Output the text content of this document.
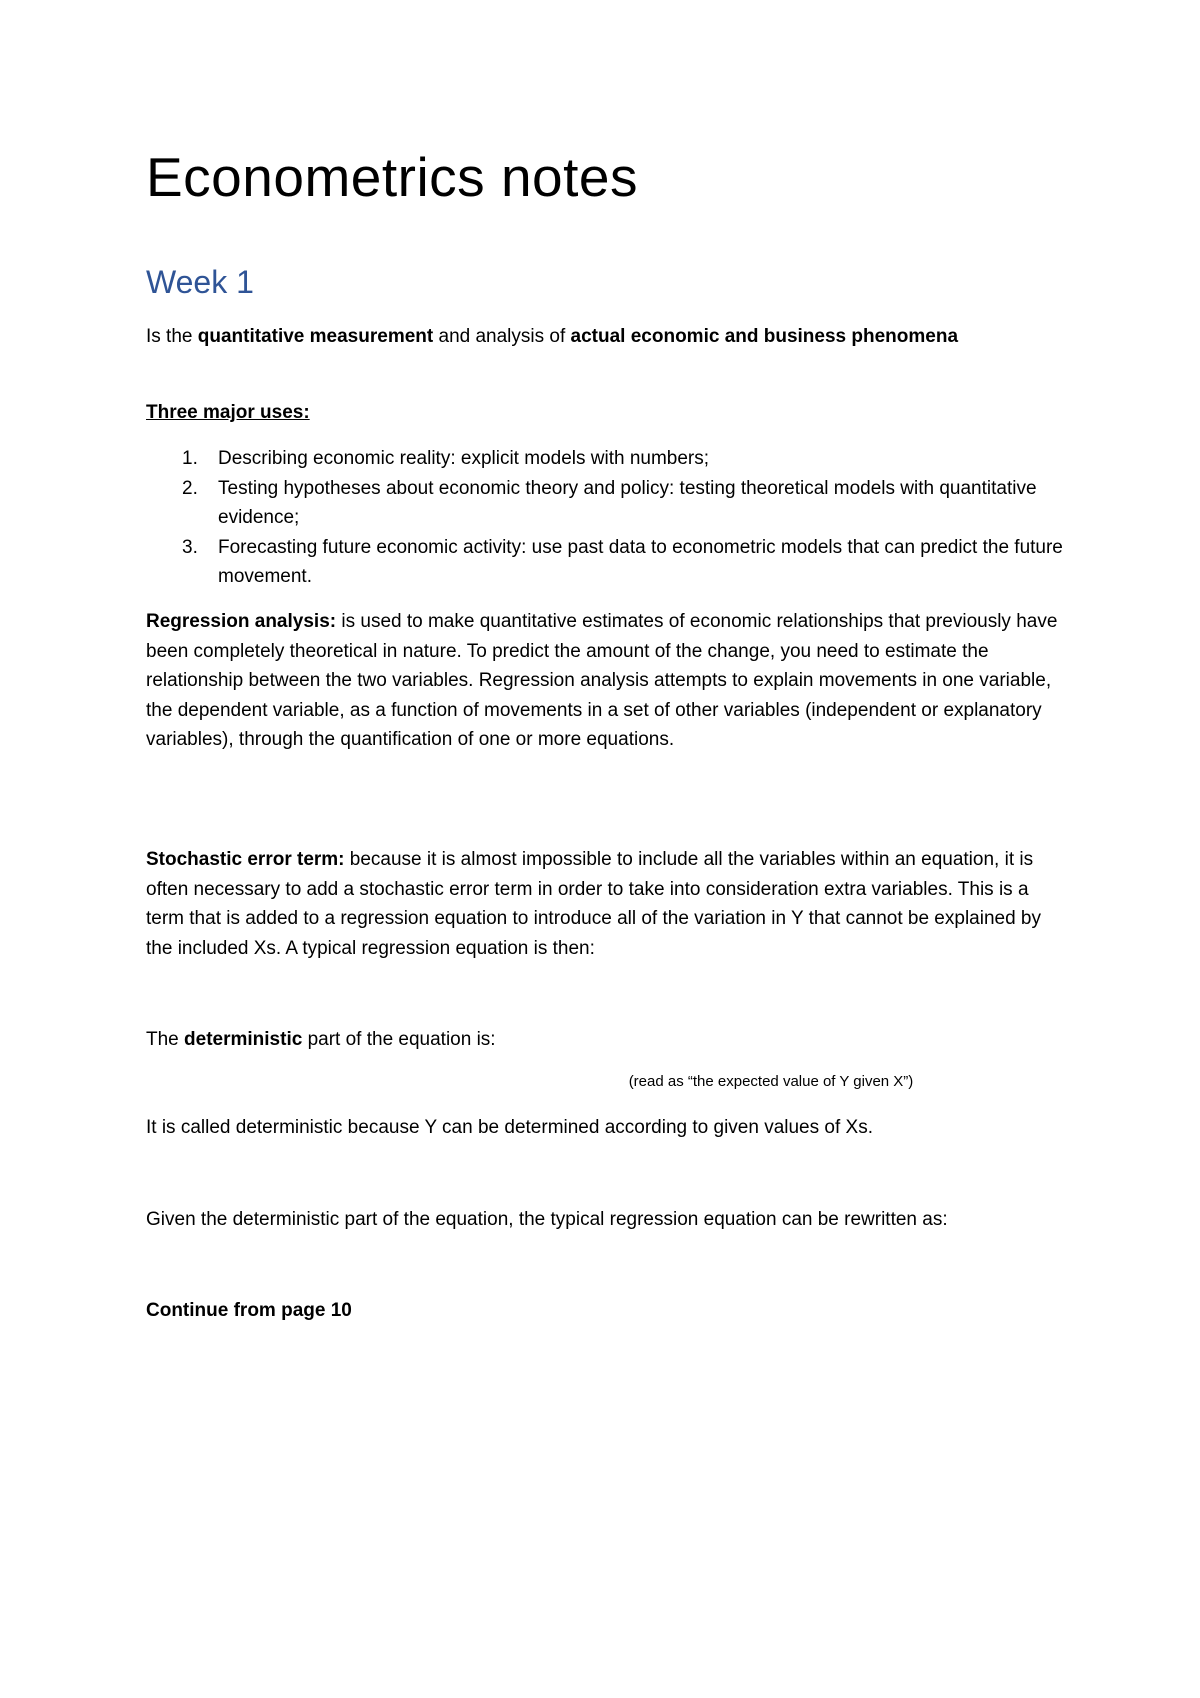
Econometrics notes
Week 1

Is the quantitative measurement and analysis of actual economic and business phenomena

Three major uses:

1. Describing economic reality: explicit models with numbers;
2. Testing hypotheses about economic theory and policy: testing theoretical models with quantitative evidence;
3. Forecasting future economic activity: use past data to econometric models that can predict the future movement.

Regression analysis: is used to make quantitative estimates of economic relationships that previously have been completely theoretical in nature. To predict the amount of the change, you need to estimate the relationship between the two variables. Regression analysis attempts to explain movements in one variable, the dependent variable, as a function of movements in a set of other variables (independent or explanatory variables), through the quantification of one or more equations.

Stochastic error term: because it is almost impossible to include all the variables within an equation, it is often necessary to add a stochastic error term in order to take into consideration extra variables. This is a term that is added to a regression equation to introduce all of the variation in Y that cannot be explained by the included Xs. A typical regression equation is then:

The deterministic part of the equation is:

(read as “the expected value of Y given X”)

It is called deterministic because Y can be determined according to given values of Xs.

Given the deterministic part of the equation, the typical regression equation can be rewritten as:

Continue from page 10
